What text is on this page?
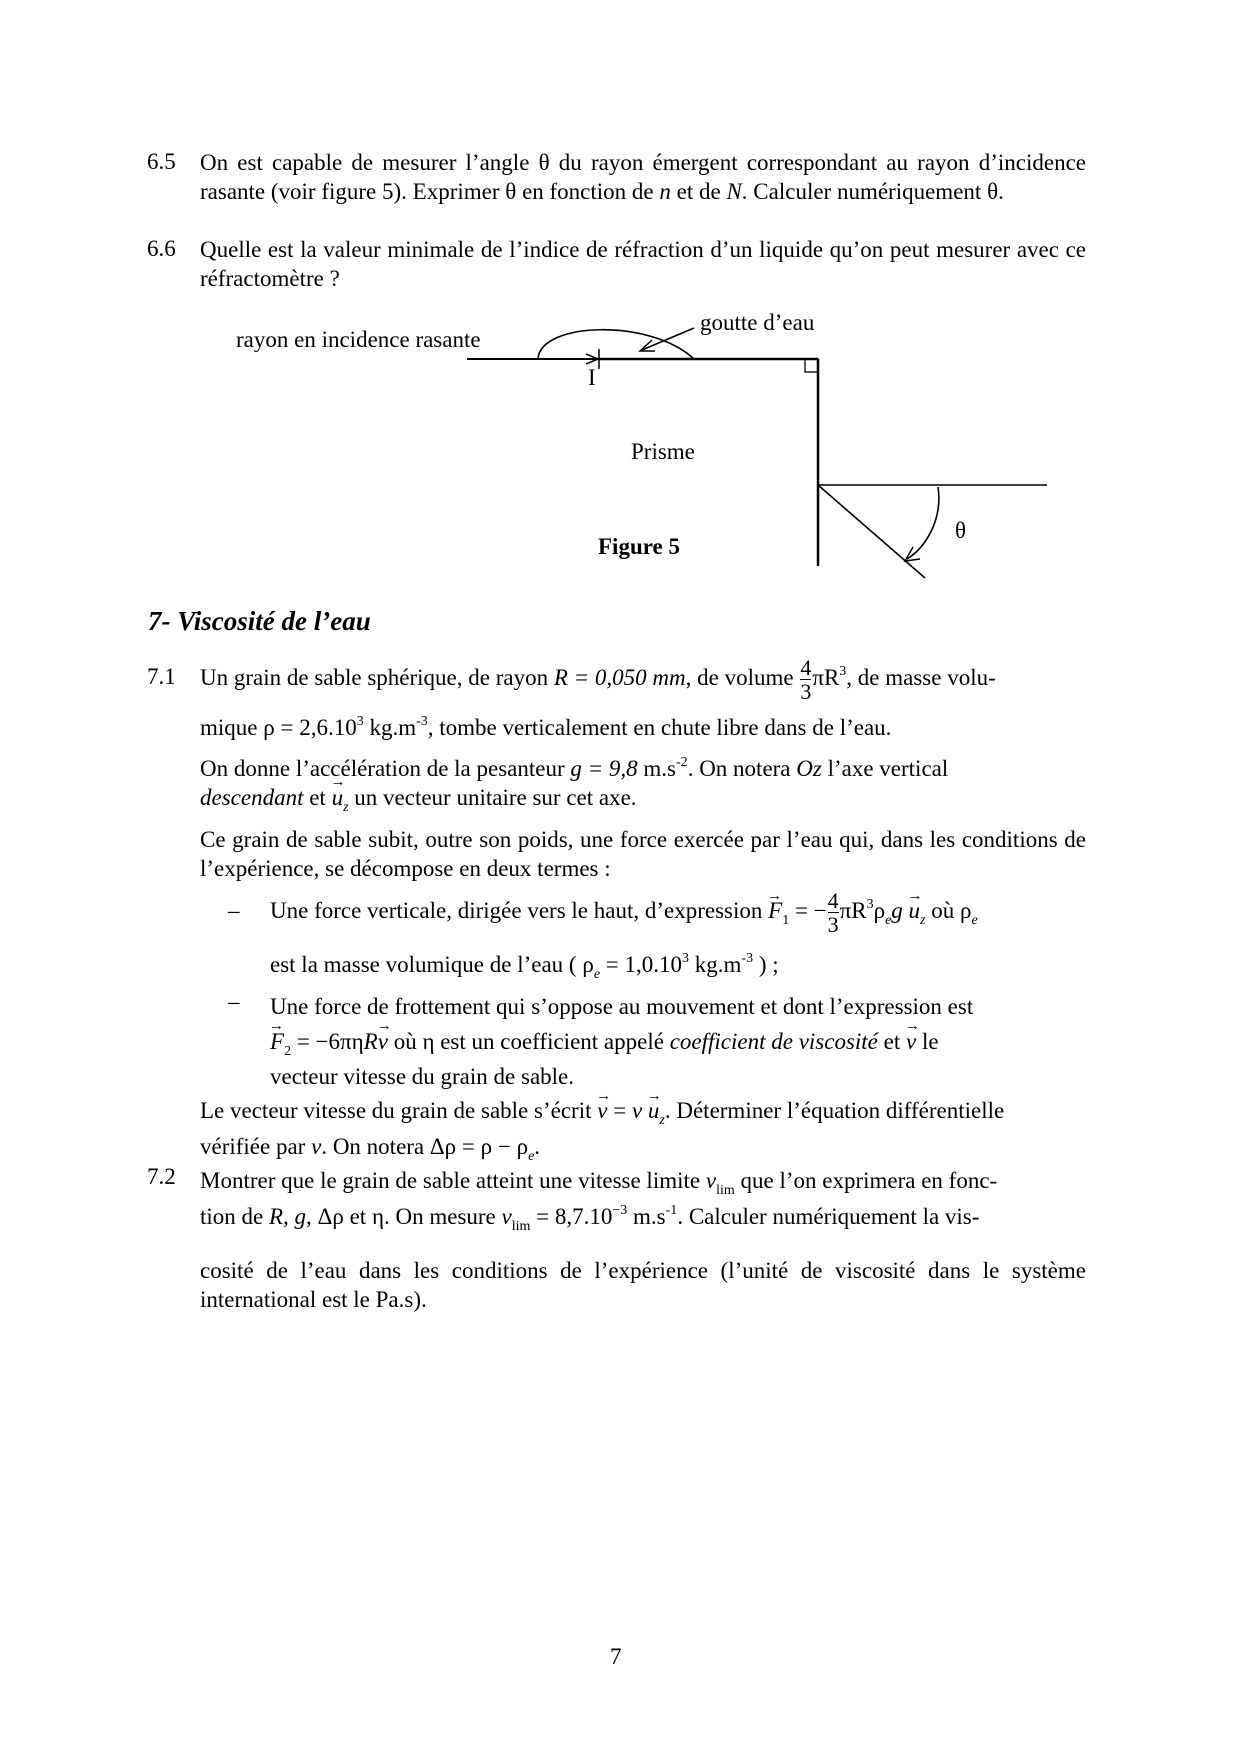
6.5	On est capable de mesurer l’angle θ du rayon émergent correspondant au rayon d’incidence rasante (voir figure 5). Exprimer θ en fonction de n et de N. Calculer numériquement θ.
6.6	Quelle est la valeur minimale de l’indice de réfraction d’un liquide qu’on peut mesurer avec ce réfractomètre ?
rayon en incidence rasante
goutte d’eau
I
Prisme
θ
Figure 5
7- Viscosité de l’eau
7.1	Un grain de sable sphérique, de rayon R = 0,050 mm, de volume $\frac{4}{3} \pi R^3$, de masse volu-
mique $\rho = 2,6.10^3$ $kg.m^{-3}$, tombe verticalement en chute libre dans de l’eau.
On donne l’accélération de la pesanteur g = 9,8 $m.s^{-2}$. On notera Oz l’axe vertical
descendant et → $u_z$ un vecteur unitaire sur cet axe.
Ce grain de sable subit, outre son poids, une force exercée par l’eau qui, dans les conditions de l’expérience, se décompose en deux termes :
– Une force verticale, dirigée vers le haut, d’expression → $F_1$ = − $\frac{4}{3} \pi R^3\rho_eg \to u_z$ où $\rho_e$
est la masse volumique de l’eau ( $\rho_e = 1,0.10^3$ $kg.m^{-3}$ ) ;
– Une force de frottement qui s’oppose au mouvement et dont l’expression est
→ $F_2 = -6\pi\eta R\to v$ où η est un coefficient appelé coefficient de viscosité et → v le
vecteur vitesse du grain de sable.
Le vecteur vitesse du grain de sable s’écrit → $v = v \to u_z$. Déterminer l’équation différentielle
vérifiée par v. On notera $\Delta\rho = \rho - \rho_e$.
7.2	Montrer que le grain de sable atteint une vitesse limite $v_{lim}$ que l’on exprimera en fonc-
tion de R, g, Δρ et η. On mesure $v_{lim} = 8,7.10^{-3}$ $m.s^{-1}$. Calculer numériquement la vis-
cosité de l’eau dans les conditions de l’expérience (l’unité de viscosité dans le système international est le Pa.s).
7
